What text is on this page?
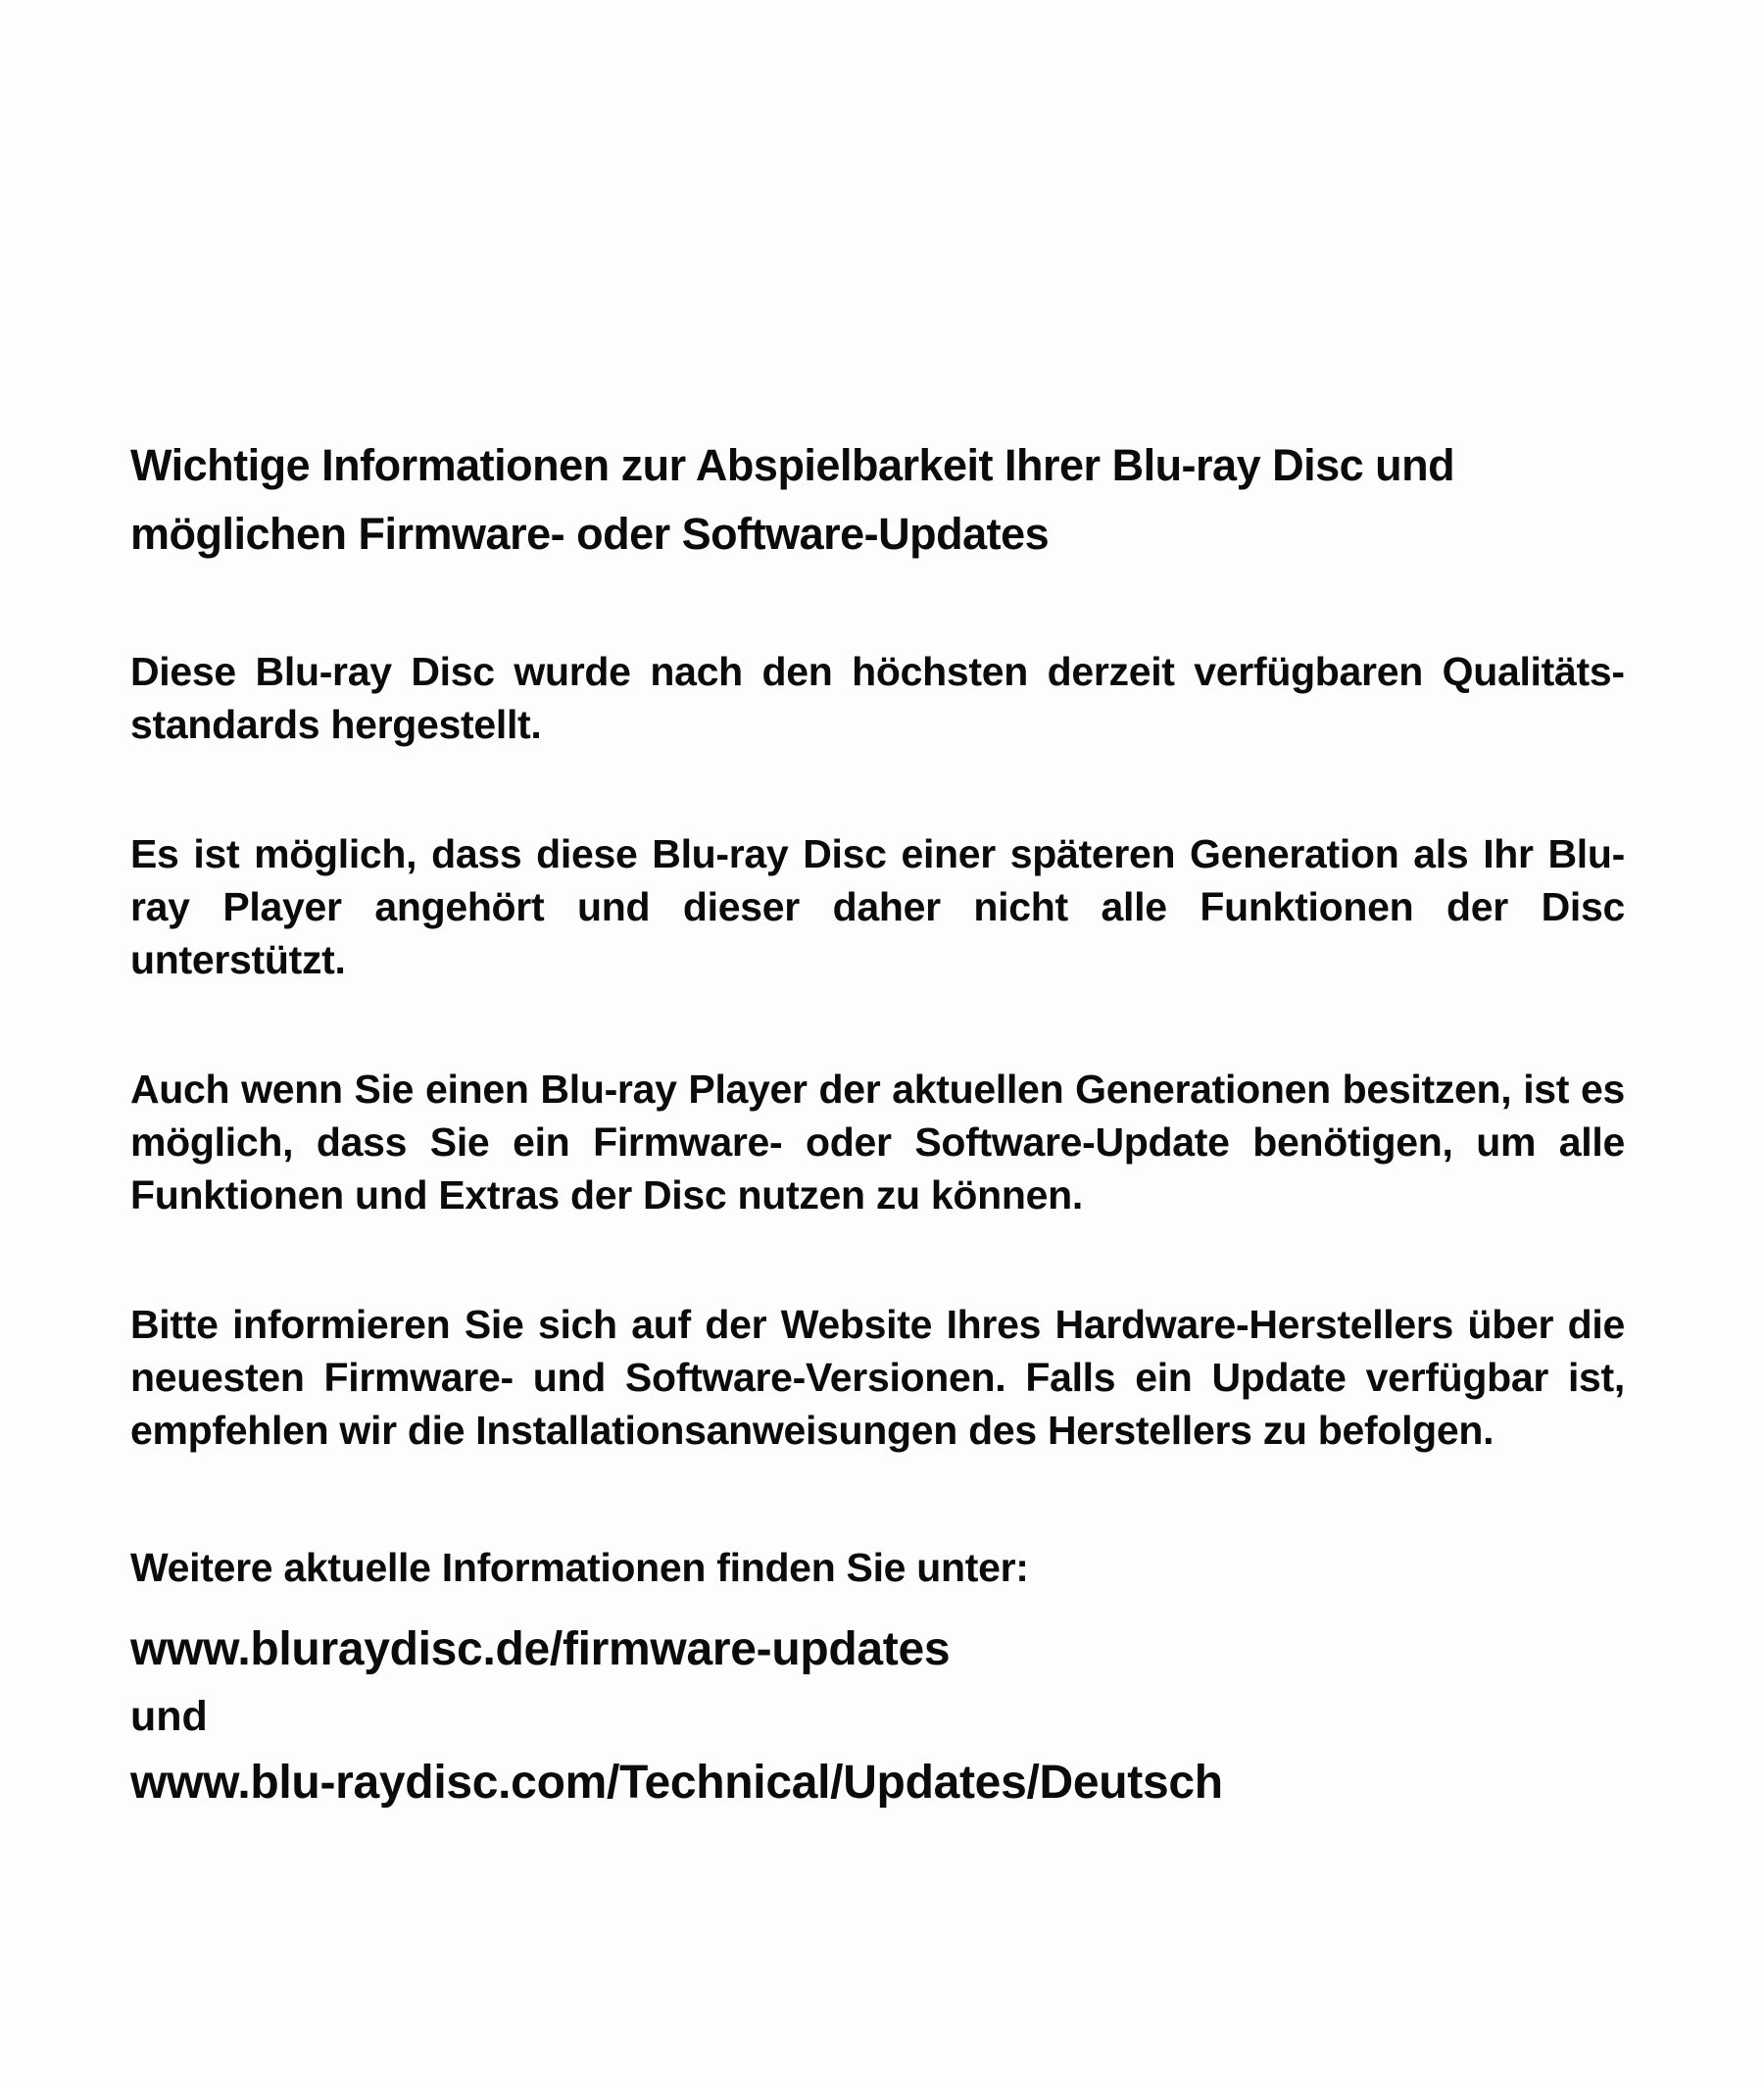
Wichtige Informationen zur Abspielbarkeit Ihrer Blu-ray Disc und
möglichen Firmware- oder Software-Updates

Diese Blu-ray Disc wurde nach den höchsten derzeit verfügbaren Qualitätsstandards hergestellt.

Es ist möglich, dass diese Blu-ray Disc einer späteren Generation als Ihr Blu-ray Player angehört und dieser daher nicht alle Funktionen der Disc unterstützt.

Auch wenn Sie einen Blu-ray Player der aktuellen Generationen besitzen, ist es möglich, dass Sie ein Firmware- oder Software-Update benötigen, um alle Funktionen und Extras der Disc nutzen zu können.

Bitte informieren Sie sich auf der Website Ihres Hardware-Herstellers über die neuesten Firmware- und Software-Versionen. Falls ein Update verfügbar ist, empfehlen wir die Installationsanweisungen des Herstellers zu befolgen.

Weitere aktuelle Informationen finden Sie unter:

www.bluraydisc.de/firmware-updates
und
www.blu-raydisc.com/Technical/Updates/Deutsch
